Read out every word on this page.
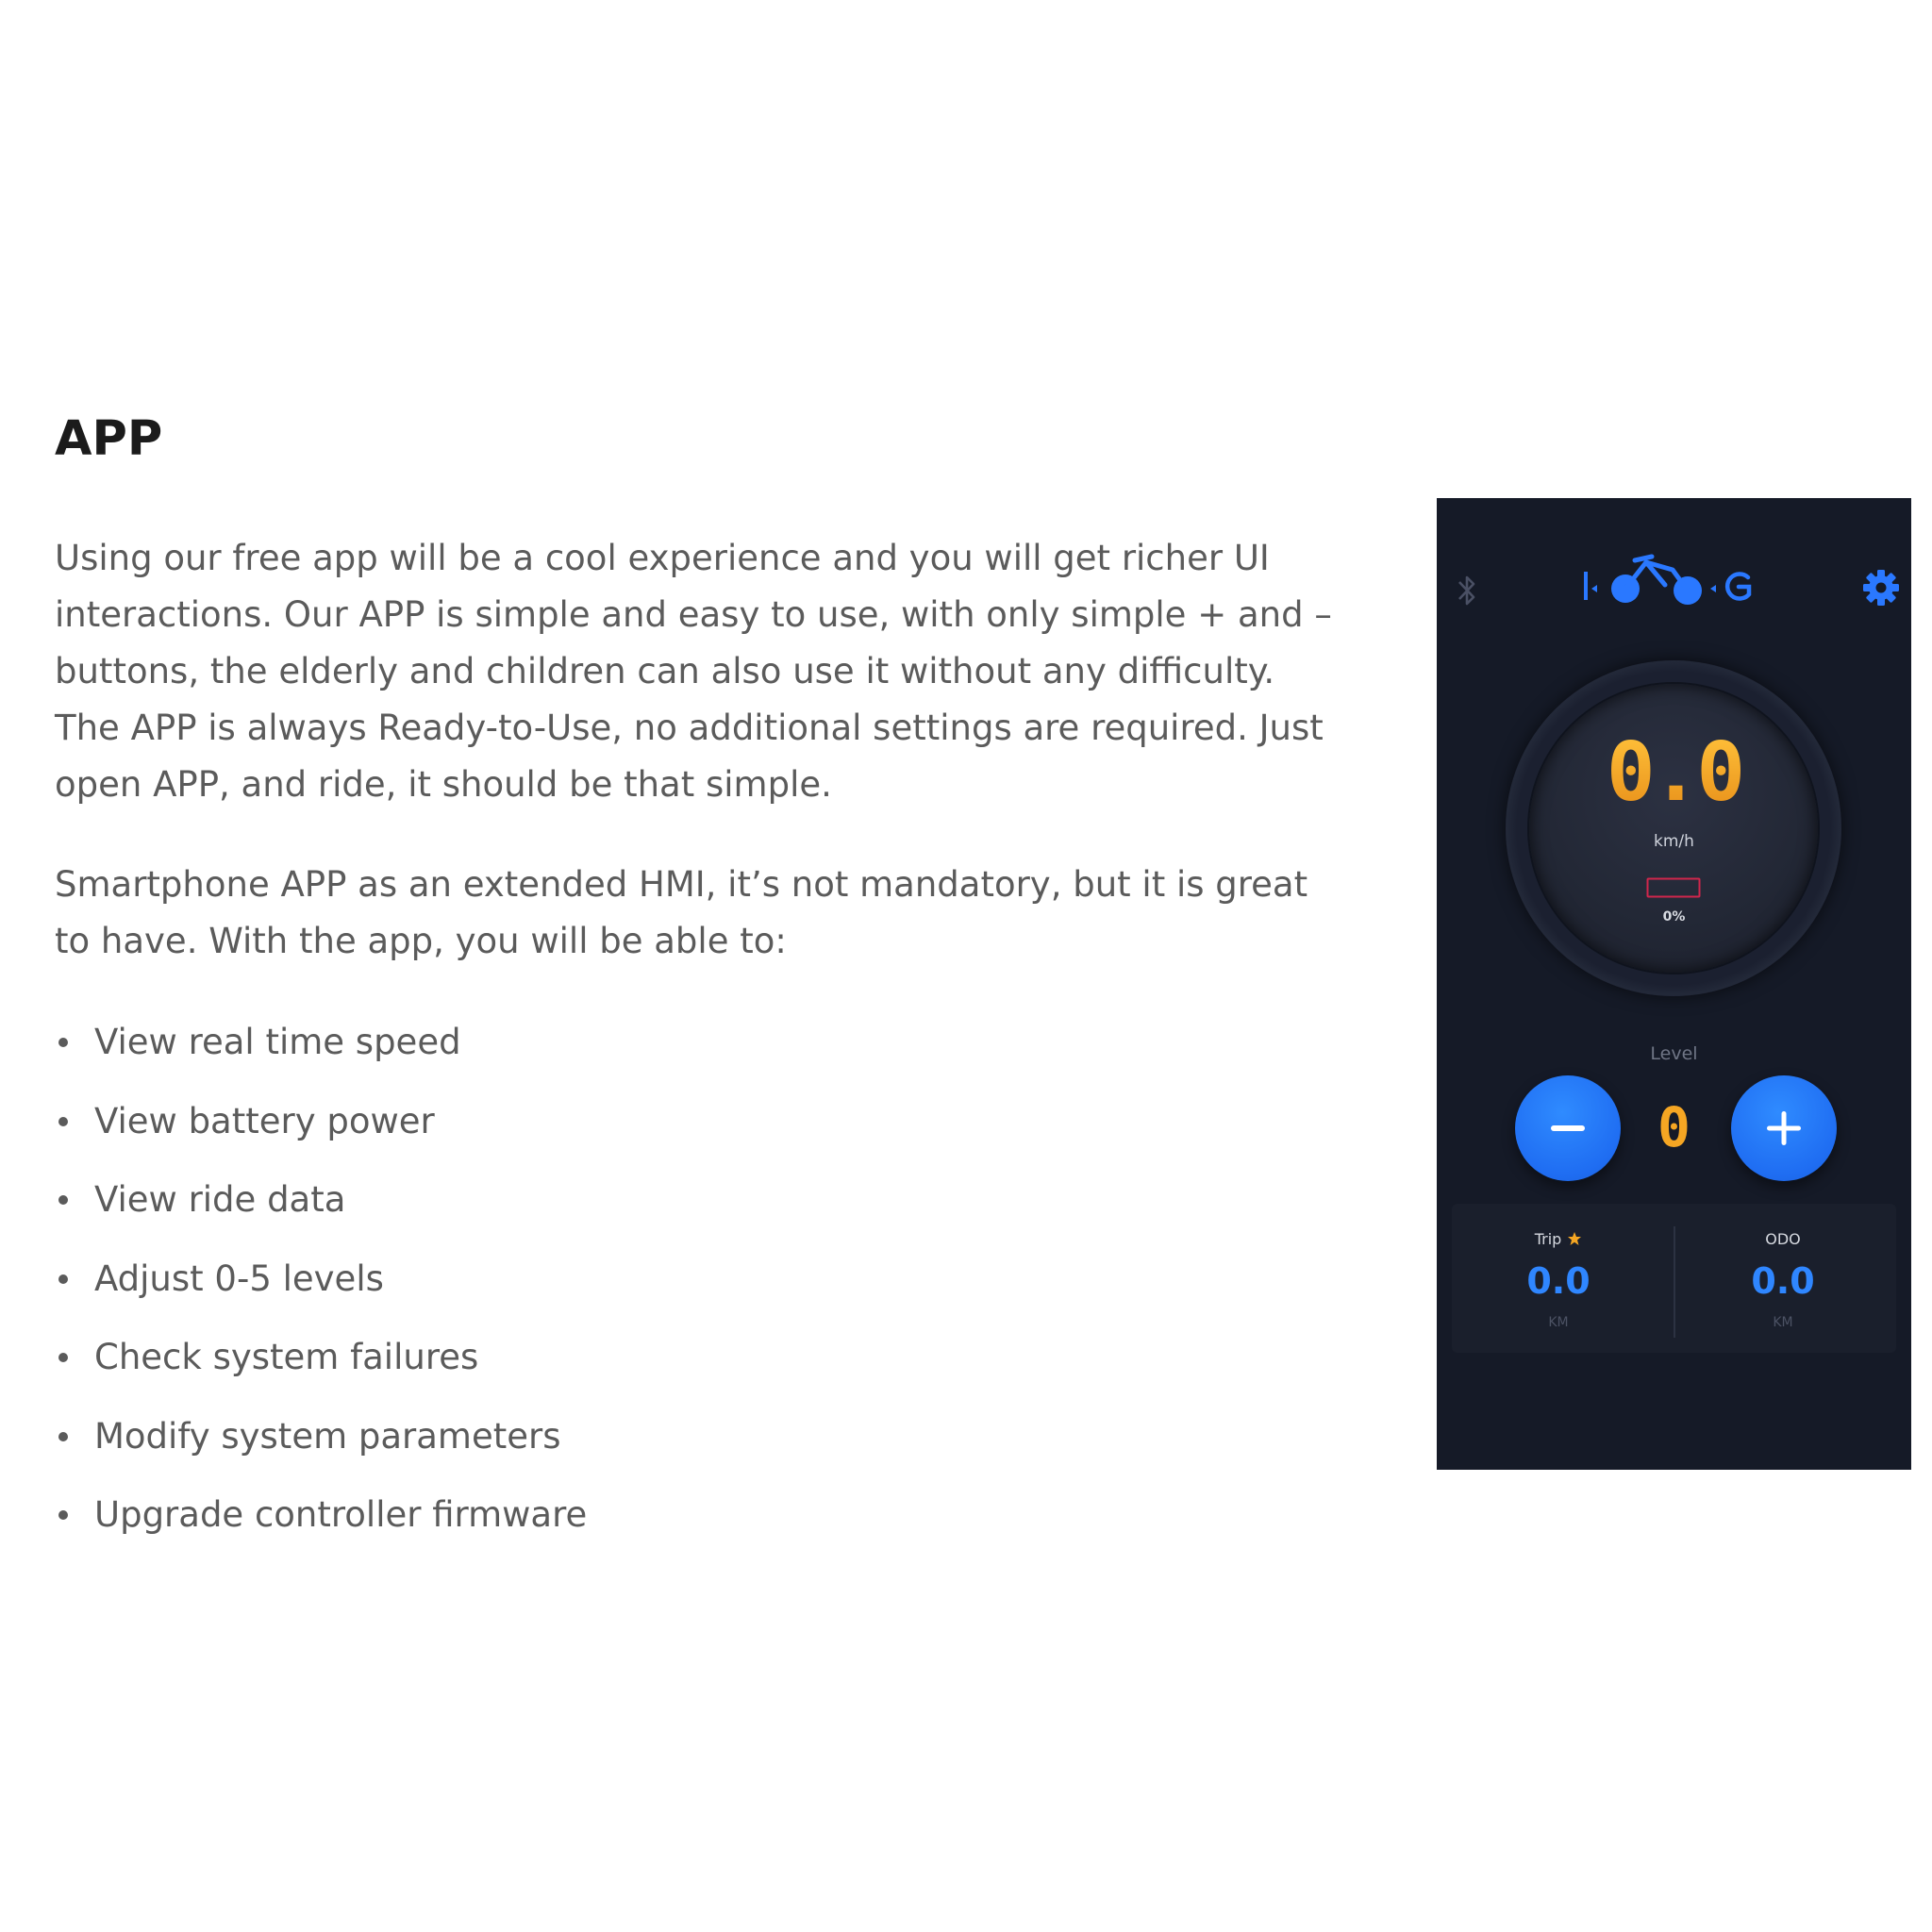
APP

Using our free app will be a cool experience and you will get richer UI interactions. Our APP is simple and easy to use, with only simple + and – buttons, the elderly and children can also use it without any difficulty. The APP is always Ready-to-Use, no additional settings are required. Just open APP, and ride, it should be that simple.

Smartphone APP as an extended HMI, it’s not mandatory, but it is great to have. With the app, you will be able to:

View real time speed
View battery power
View ride data
Adjust 0-5 levels
Check system failures
Modify system parameters
Upgrade controller firmware
0.0
km/h
0%
Level
0
Trip
0.0
KM
ODO
0.0
KM
